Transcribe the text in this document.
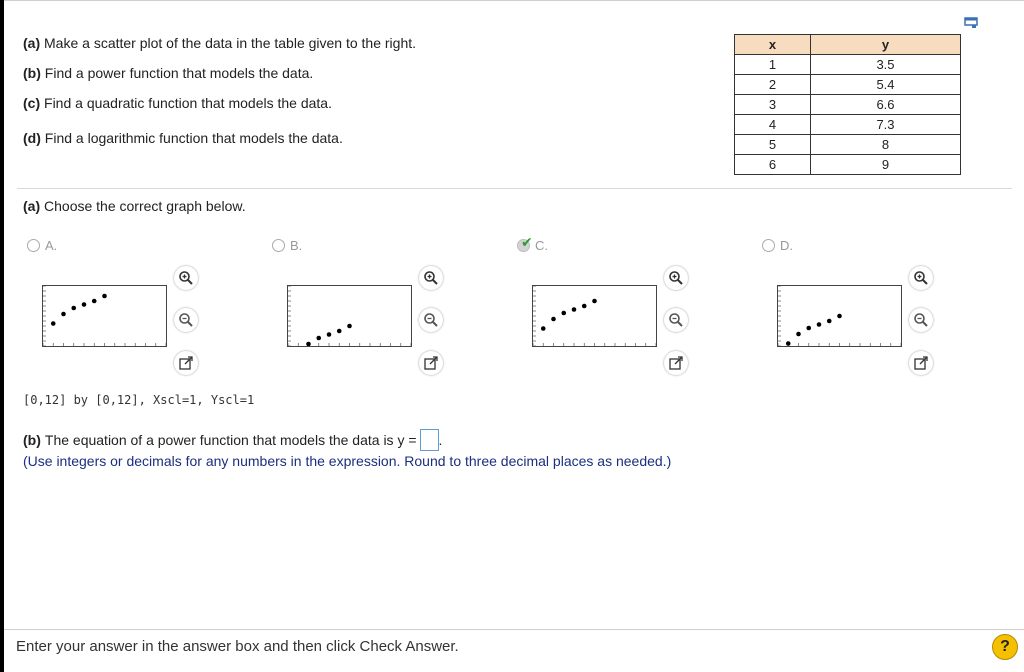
(a) Make a scatter plot of the data in the table given to the right.
(b) Find a power function that models the data.
(c) Find a quadratic function that models the data.
(d) Find a logarithmic function that models the data.
x	y
1	3.5
2	5.4
3	6.6
4	7.3
5	8
6	9
(a) Choose the correct graph below.
A.	B.	✔ C.	D.
[0,12] by [0,12], Xscl=1, Yscl=1
(b) The equation of a power function that models the data is y = .
(Use integers or decimals for any numbers in the expression. Round to three decimal places as needed.)
Enter your answer in the answer box and then click Check Answer.	?
